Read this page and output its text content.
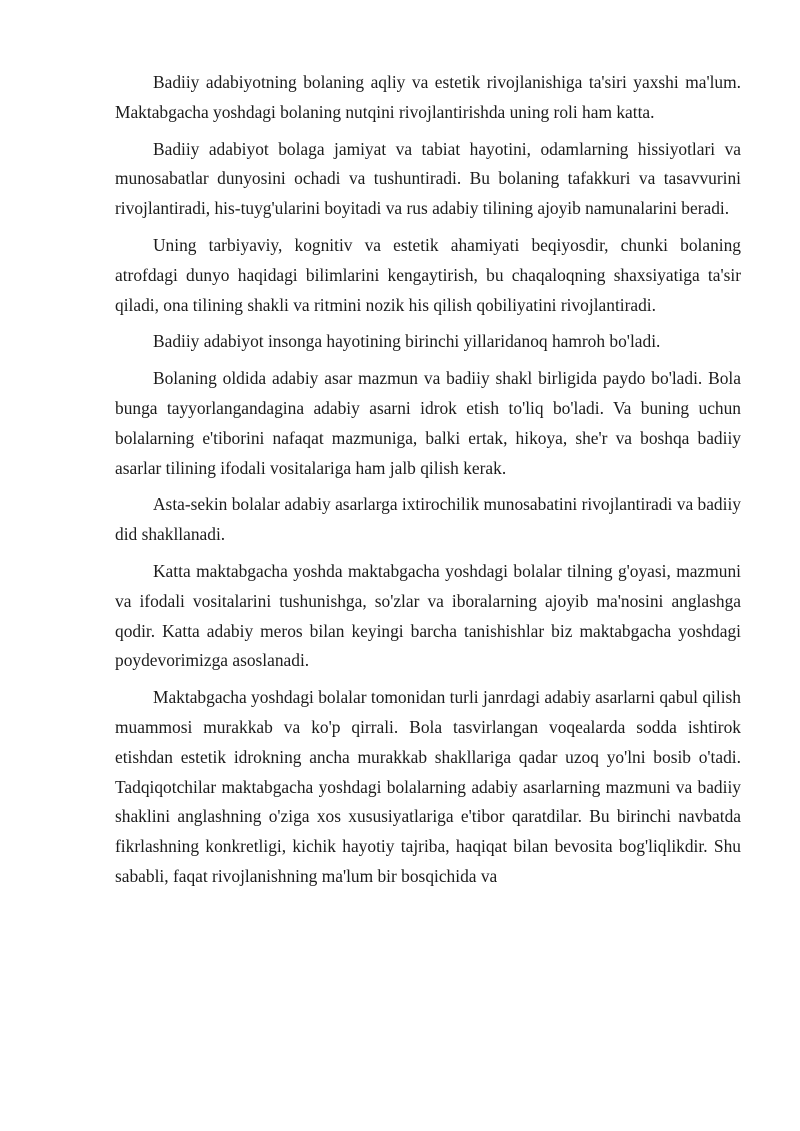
Badiiy adabiyotning bolaning aqliy va estetik rivojlanishiga ta'siri yaxshi ma'lum. Maktabgacha yoshdagi bolaning nutqini rivojlantirishda uning roli ham katta.

Badiiy adabiyot bolaga jamiyat va tabiat hayotini, odamlarning hissiyotlari va munosabatlar dunyosini ochadi va tushuntiradi. Bu bolaning tafakkuri va tasavvurini rivojlantiradi, his-tuyg'ularini boyitadi va rus adabiy tilining ajoyib namunalarini beradi.

Uning tarbiyaviy, kognitiv va estetik ahamiyati beqiyosdir, chunki bolaning atrofdagi dunyo haqidagi bilimlarini kengaytirish, bu chaqaloqning shaxsiyatiga ta'sir qiladi, ona tilining shakli va ritmini nozik his qilish qobiliyatini rivojlantiradi.

Badiiy adabiyot insonga hayotining birinchi yillaridanoq hamroh bo'ladi.

Bolaning oldida adabiy asar mazmun va badiiy shakl birligida paydo bo'ladi. Bola bunga tayyorlangandagina adabiy asarni idrok etish to'liq bo'ladi. Va buning uchun bolalarning e'tiborini nafaqat mazmuniga, balki ertak, hikoya, she'r va boshqa badiiy asarlar tilining ifodali vositalariga ham jalb qilish kerak.

Asta-sekin bolalar adabiy asarlarga ixtirochilik munosabatini rivojlantiradi va badiiy did shakllanadi.

Katta maktabgacha yoshda maktabgacha yoshdagi bolalar tilning g'oyasi, mazmuni va ifodali vositalarini tushunishga, so'zlar va iboralarning ajoyib ma'nosini anglashga qodir. Katta adabiy meros bilan keyingi barcha tanishishlar biz maktabgacha yoshdagi poydevorimizga asoslanadi.

Maktabgacha yoshdagi bolalar tomonidan turli janrdagi adabiy asarlarni qabul qilish muammosi murakkab va ko'p qirrali. Bola tasvirlangan voqealarda sodda ishtirok etishdan estetik idrokning ancha murakkab shakllariga qadar uzoq yo'lni bosib o'tadi. Tadqiqotchilar maktabgacha yoshdagi bolalarning adabiy asarlarning mazmuni va badiiy shaklini anglashning o'ziga xos xususiyatlariga e'tibor qaratdilar. Bu birinchi navbatda fikrlashning konkretligi, kichik hayotiy tajriba, haqiqat bilan bevosita bog'liqlikdir. Shu sababli, faqat rivojlanishning ma'lum bir bosqichida va
